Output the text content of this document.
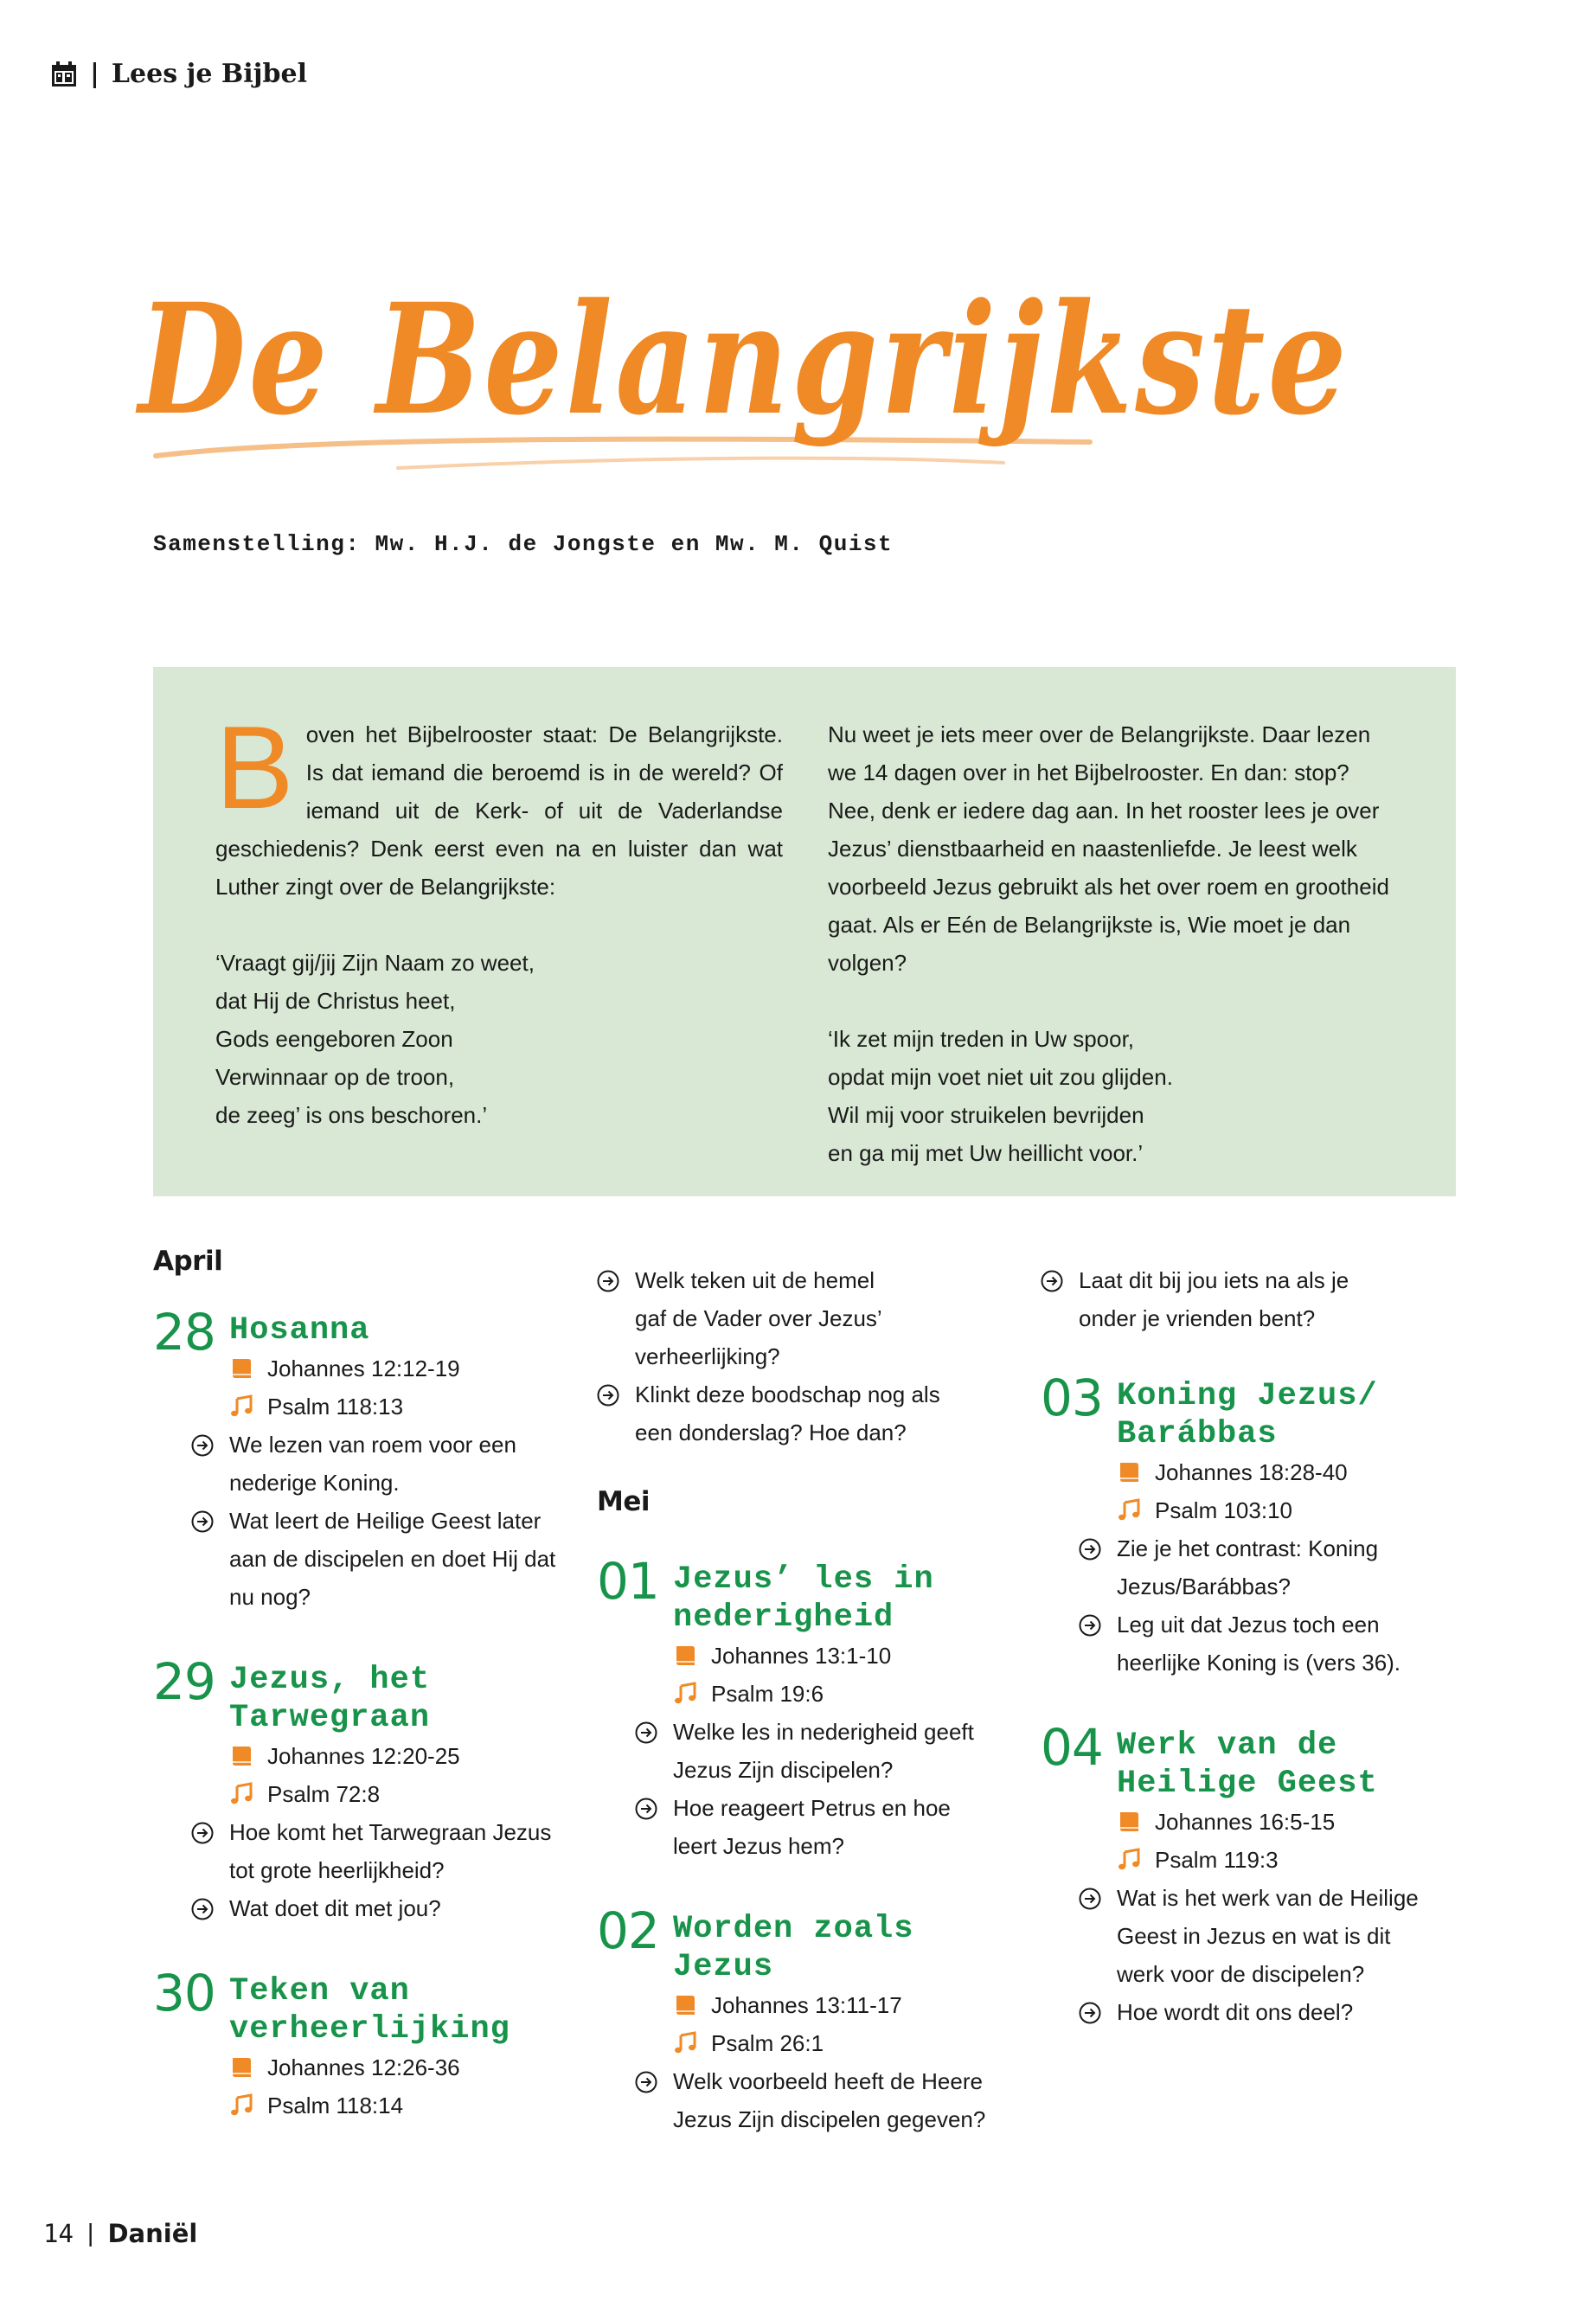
| Lees je Bijbel
De Belangrijkste
Samenstelling: Mw. H.J. de Jongste en Mw. M. Quist
B oven het Bijbelrooster staat: De Belangrijkste. Is dat iemand die beroemd is in de wereld? Of iemand uit de Kerk- of uit de Vaderlandse geschiedenis? Denk eerst even na en luister dan wat Luther zingt over de Belangrijkste:

‘Vraagt gij/jij Zijn Naam zo weet,

dat Hij de Christus heet,

Gods eengeboren Zoon

Verwinnaar op de troon,

de zeeg’ is ons beschoren.’

Nu weet je iets meer over de Belangrijkste. Daar lezen we 14 dagen over in het Bijbelrooster. En dan: stop? Nee, denk er iedere dag aan. In het rooster lees je over Jezus’ dienstbaarheid en naastenliefde. Je leest welk voorbeeld Jezus gebruikt als het over roem en grootheid gaat. Als er Eén de Belangrijkste is, Wie moet je dan volgen?

‘Ik zet mijn treden in Uw spoor,

opdat mijn voet niet uit zou glijden.

Wil mij voor struikelen bevrijden

en ga mij met Uw heillicht voor.’

April
28 Hosanna
Johannes 12:12-19
Psalm 118:13

We lezen van roem voor een

nederige Koning.

Wat leert de Heilige Geest later

aan de discipelen en doet Hij dat

nu nog?

29 Jezus, het
Tarwegraan
Johannes 12:20-25
Psalm 72:8

Hoe komt het Tarwegraan Jezus

tot grote heerlijkheid?

Wat doet dit met jou?

30 Teken van
verheerlijking
Johannes 12:26-36
Psalm 118:14

Welk teken uit de hemel

gaf de Vader over Jezus’

verheerlijking?

Klinkt deze boodschap nog als

een donderslag? Hoe dan?

Mei
01 Jezus’ les in
nederigheid
Johannes 13:1-10
Psalm 19:6

Welke les in nederigheid geeft

Jezus Zijn discipelen?

Hoe reageert Petrus en hoe

leert Jezus hem?

02 Worden zoals
Jezus
Johannes 13:11-17
Psalm 26:1

Welk voorbeeld heeft de Heere

Jezus Zijn discipelen gegeven?

Laat dit bij jou iets na als je

onder je vrienden bent?

03 Koning Jezus/
Barábbas
Johannes 18:28-40
Psalm 103:10

Zie je het contrast: Koning

Jezus/Barábbas?

Leg uit dat Jezus toch een

heerlijke Koning is (vers 36).

04 Werk van de
Heilige Geest
Johannes 16:5-15
Psalm 119:3

Wat is het werk van de Heilige

Geest in Jezus en wat is dit

werk voor de discipelen?

Hoe wordt dit ons deel?

14 | Daniël
